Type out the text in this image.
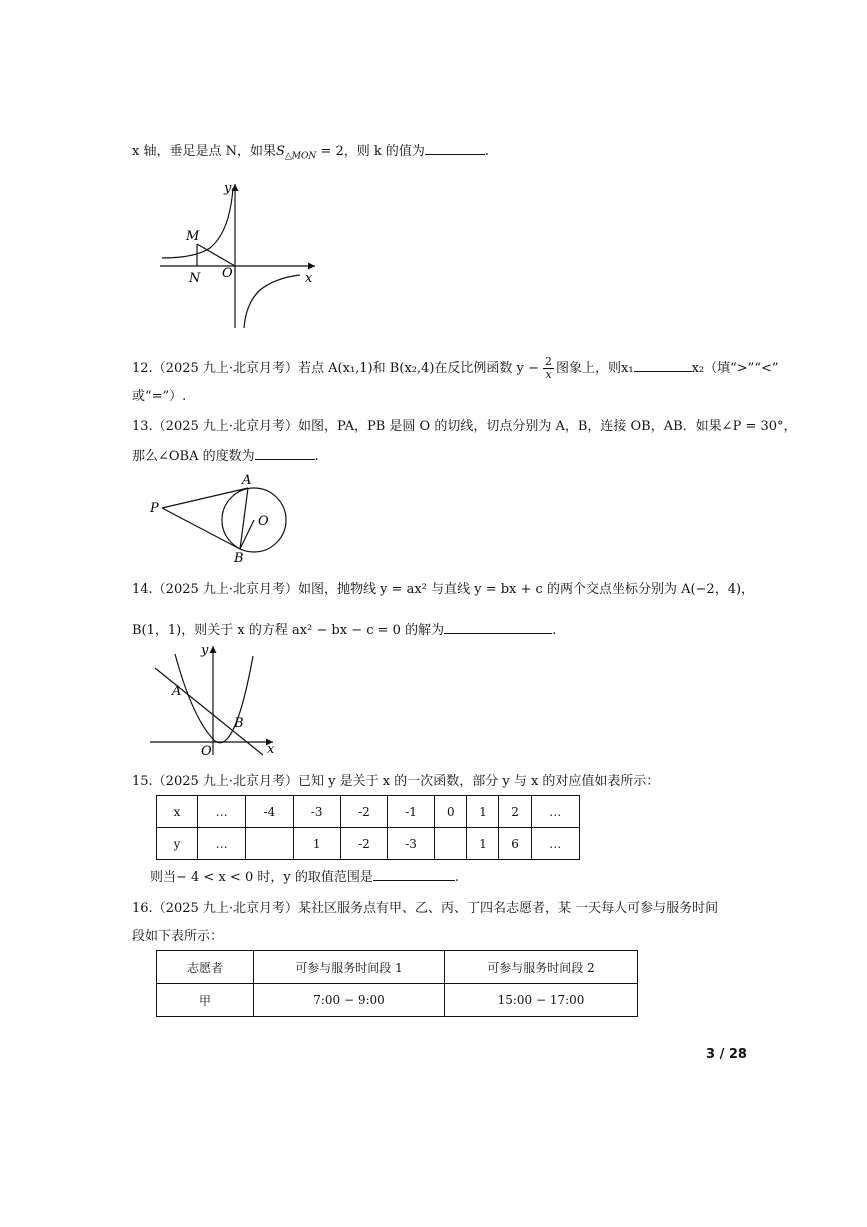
x 轴，垂足是点 N，如果$S_{\triangle MON} = 2$，则 k 的值为	.
y
x
M
N O
12.（2025 九上·北京月考）若点 A(x₁,1)和 B(x₂,4)在反比例函数 $y - \frac{2}{x}$ 图象上，则x₁	x₂（填“>”“<”
或“=”）.
13.（2025 九上·北京月考）如图，PA，PB 是圆 O 的切线，切点分别为 A，B，连接 OB，AB．如果∠P = 30°，
那么∠OBA 的度数为	.
P
A
B
O
14.（2025 九上·北京月考）如图，抛物线 y = ax² 与直线 y = bx + c 的两个交点坐标分别为 A(−2，4)，
B(1，1)，则关于 x 的方程 ax² − bx − c = 0 的解为	.
y
x
A
B
O
15.（2025 九上·北京月考）已知 y 是关于 x 的一次函数，部分 y 与 x 的对应值如表所示：
x	…	-4	-3	-2	-1	0	1	2	…
y	…		1	-2	-3		1	6	…
则当− 4 < x < 0 时，y 的取值范围是	.
16.（2025 九上·北京月考）某社区服务点有甲、乙、丙、丁四名志愿者，某 一天每人可参与服务时间
段如下表所示：
志愿者	可参与服务时间段 1	可参与服务时间段 2
甲	7:00 − 9:00	15:00 − 17:00
3 / 28
